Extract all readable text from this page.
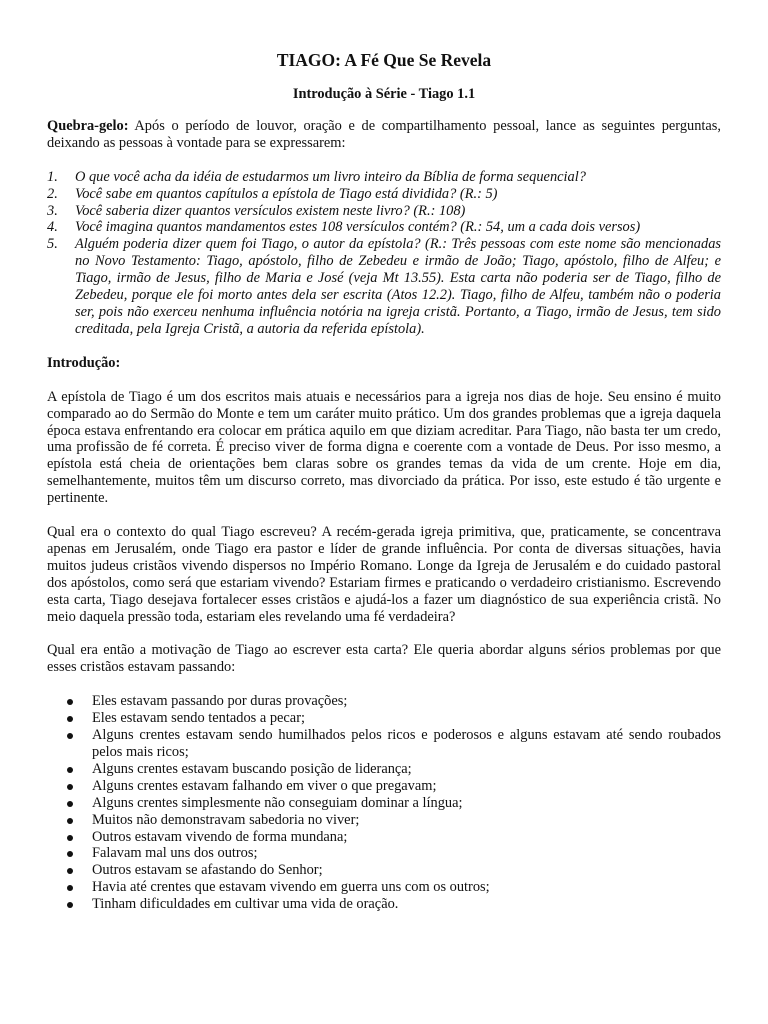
TIAGO: A Fé Que Se Revela

Introdução à Série - Tiago 1.1

Quebra-gelo: Após o período de louvor, oração e de compartilhamento pessoal, lance as seguintes perguntas, deixando as pessoas à vontade para se expressarem:

1. O que você acha da idéia de estudarmos um livro inteiro da Bíblia de forma sequencial?
2. Você sabe em quantos capítulos a epístola de Tiago está dividida? (R.: 5)
3. Você saberia dizer quantos versículos existem neste livro? (R.: 108)
4. Você imagina quantos mandamentos estes 108 versículos contém? (R.: 54, um a cada dois versos)
5. Alguém poderia dizer quem foi Tiago, o autor da epístola? (R.: Três pessoas com este nome são mencionadas no Novo Testamento: Tiago, apóstolo, filho de Zebedeu e irmão de João; Tiago, apóstolo, filho de Alfeu; e Tiago, irmão de Jesus, filho de Maria e José (veja Mt 13.55). Esta carta não poderia ser de Tiago, filho de Zebedeu, porque ele foi morto antes dela ser escrita (Atos 12.2). Tiago, filho de Alfeu, também não o poderia ser, pois não exerceu nenhuma influência notória na igreja cristã. Portanto, a Tiago, irmão de Jesus, tem sido creditada, pela Igreja Cristã, a autoria da referida epístola).

Introdução:

A epístola de Tiago é um dos escritos mais atuais e necessários para a igreja nos dias de hoje. Seu ensino é muito comparado ao do Sermão do Monte e tem um caráter muito prático. Um dos grandes problemas que a igreja daquela época estava enfrentando era colocar em prática aquilo em que diziam acreditar. Para Tiago, não basta ter um credo, uma profissão de fé correta. É preciso viver de forma digna e coerente com a vontade de Deus. Por isso mesmo, a epístola está cheia de orientações bem claras sobre os grandes temas da vida de um crente. Hoje em dia, semelhantemente, muitos têm um discurso correto, mas divorciado da prática. Por isso, este estudo é tão urgente e pertinente.

Qual era o contexto do qual Tiago escreveu? A recém-gerada igreja primitiva, que, praticamente, se concentrava apenas em Jerusalém, onde Tiago era pastor e líder de grande influência. Por conta de diversas situações, havia muitos judeus cristãos vivendo dispersos no Império Romano. Longe da Igreja de Jerusalém e do cuidado pastoral dos apóstolos, como será que estariam vivendo? Estariam firmes e praticando o verdadeiro cristianismo. Escrevendo esta carta, Tiago desejava fortalecer esses cristãos e ajudá-los a fazer um diagnóstico de sua experiência cristã. No meio daquela pressão toda, estariam eles revelando uma fé verdadeira?

Qual era então a motivação de Tiago ao escrever esta carta? Ele queria abordar alguns sérios problemas por que esses cristãos estavam passando:

Eles estavam passando por duras provações;
Eles estavam sendo tentados a pecar;
Alguns crentes estavam sendo humilhados pelos ricos e poderosos e alguns estavam até sendo roubados pelos mais ricos;
Alguns crentes estavam buscando posição de liderança;
Alguns crentes estavam falhando em viver o que pregavam;
Alguns crentes simplesmente não conseguiam dominar a língua;
Muitos não demonstravam sabedoria no viver;
Outros estavam vivendo de forma mundana;
Falavam mal uns dos outros;
Outros estavam se afastando do Senhor;
Havia até crentes que estavam vivendo em guerra uns com os outros;
Tinham dificuldades em cultivar uma vida de oração.
